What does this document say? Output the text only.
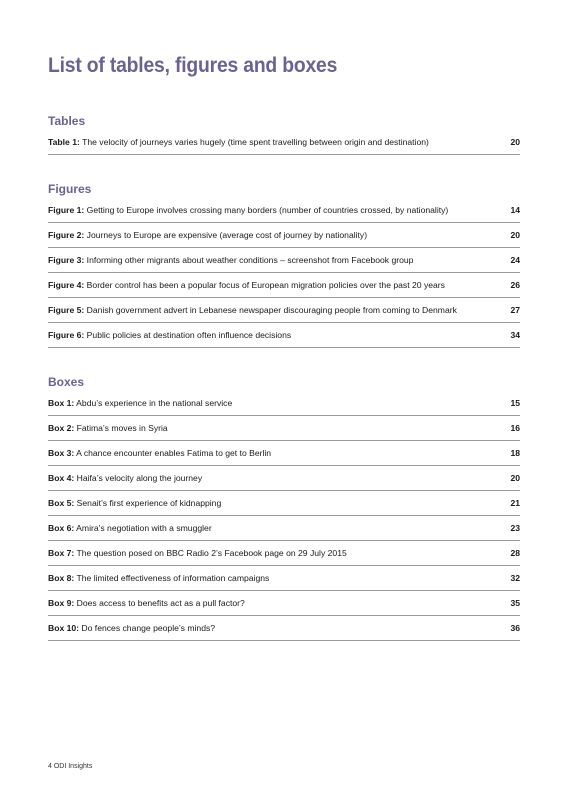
List of tables, figures and boxes
Tables
Table 1: The velocity of journeys varies hugely (time spent travelling between origin and destination)	20
Figures
Figure 1: Getting to Europe involves crossing many borders (number of countries crossed, by nationality)	14
Figure 2: Journeys to Europe are expensive (average cost of journey by nationality)	20
Figure 3: Informing other migrants about weather conditions – screenshot from Facebook group	24
Figure 4: Border control has been a popular focus of European migration policies over the past 20 years	26
Figure 5: Danish government advert in Lebanese newspaper discouraging people from coming to Denmark	27
Figure 6: Public policies at destination often influence decisions	34
Boxes
Box 1: Abdu’s experience in the national service	15
Box 2: Fatima’s moves in Syria	16
Box 3: A chance encounter enables Fatima to get to Berlin	18
Box 4: Haifa’s velocity along the journey	20
Box 5: Senait’s first experience of kidnapping	21
Box 6: Amira’s negotiation with a smuggler	23
Box 7: The question posed on BBC Radio 2’s Facebook page on 29 July 2015	28
Box 8: The limited effectiveness of information campaigns	32
Box 9: Does access to benefits act as a pull factor?	35
Box 10: Do fences change people’s minds?	36
4 ODI Insights
